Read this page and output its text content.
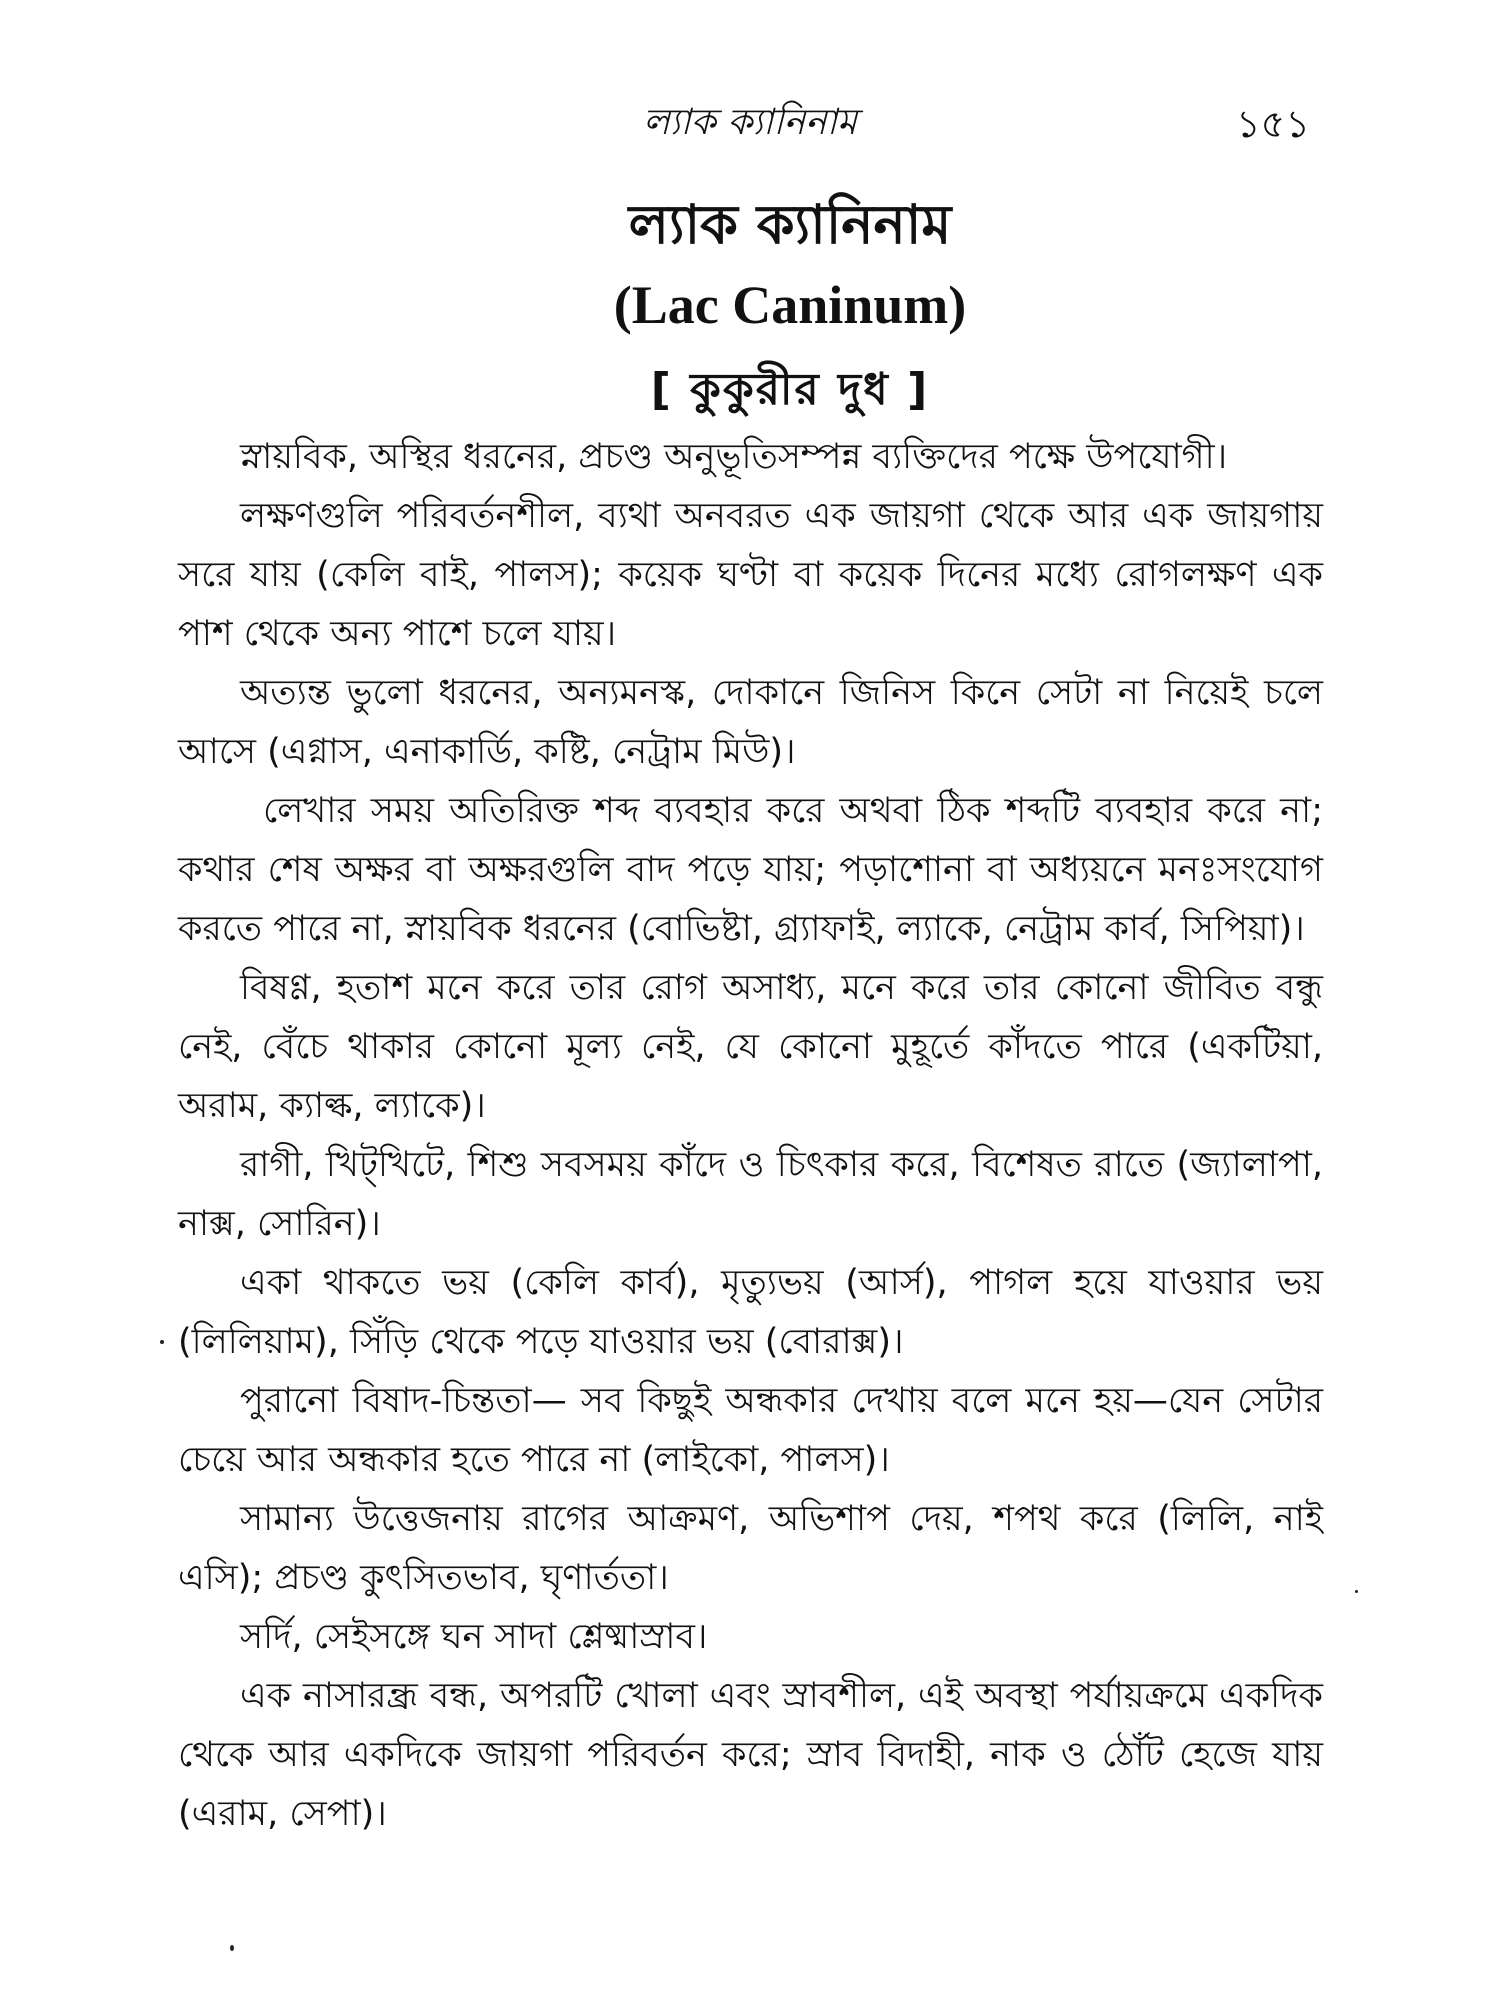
ল্যাক ক্যানিনাম	১৫১
ল্যাক ক্যানিনাম
(Lac Caninum)
[ কুকুরীর দুধ ]

স্নায়বিক, অস্থির ধরনের, প্রচণ্ড অনুভূতিসম্পন্ন ব্যক্তিদের পক্ষে উপযোগী।

লক্ষণগুলি পরিবর্তনশীল, ব্যথা অনবরত এক জায়গা থেকে আর এক জায়গায় সরে যায় (কেলি বাই, পালস); কয়েক ঘণ্টা বা কয়েক দিনের মধ্যে রোগলক্ষণ এক পাশ থেকে অন্য পাশে চলে যায়।

অত্যন্ত ভুলো ধরনের, অন্যমনস্ক, দোকানে জিনিস কিনে সেটা না নিয়েই চলে আসে (এগ্নাস, এনাকার্ডি, কষ্টি, নেট্রাম মিউ)।

লেখার সময় অতিরিক্ত শব্দ ব্যবহার করে অথবা ঠিক শব্দটি ব্যবহার করে না; কথার শেষ অক্ষর বা অক্ষরগুলি বাদ পড়ে যায়; পড়াশোনা বা অধ্যয়নে মনঃসংযোগ করতে পারে না, স্নায়বিক ধরনের (বোভিষ্টা, গ্র্যাফাই, ল্যাকে, নেট্রাম কার্ব, সিপিয়া)।

বিষণ্ণ, হতাশ মনে করে তার রোগ অসাধ্য, মনে করে তার কোনো জীবিত বন্ধু নেই, বেঁচে থাকার কোনো মূল্য নেই, যে কোনো মুহূর্তে কাঁদতে পারে (একটিয়া, অরাম, ক্যাল্ক, ল্যাকে)।

রাগী, খিট্‌খিটে, শিশু সবসময় কাঁদে ও চিৎকার করে, বিশেষত রাতে (জ্যালাপা, নাক্স, সোরিন)।

একা থাকতে ভয় (কেলি কার্ব), মৃত্যুভয় (আর্স), পাগল হয়ে যাওয়ার ভয় (লিলিয়াম), সিঁড়ি থেকে পড়ে যাওয়ার ভয় (বোরাক্স)।

পুরানো বিষাদ-চিন্ততা— সব কিছুই অন্ধকার দেখায় বলে মনে হয়—যেন সেটার চেয়ে আর অন্ধকার হতে পারে না (লাইকো, পালস)।

সামান্য উত্তেজনায় রাগের আক্রমণ, অভিশাপ দেয়, শপথ করে (লিলি, নাই এসি); প্রচণ্ড কুৎসিতভাব, ঘৃণার্ততা।

সর্দি, সেইসঙ্গে ঘন সাদা শ্লেষ্মাস্রাব।

এক নাসারন্ধ্র বন্ধ, অপরটি খোলা এবং স্রাবশীল, এই অবস্থা পর্যায়ক্রমে একদিক থেকে আর একদিকে জায়গা পরিবর্তন করে; স্রাব বিদাহী, নাক ও ঠোঁট হেজে যায় (এরাম, সেপা)।
